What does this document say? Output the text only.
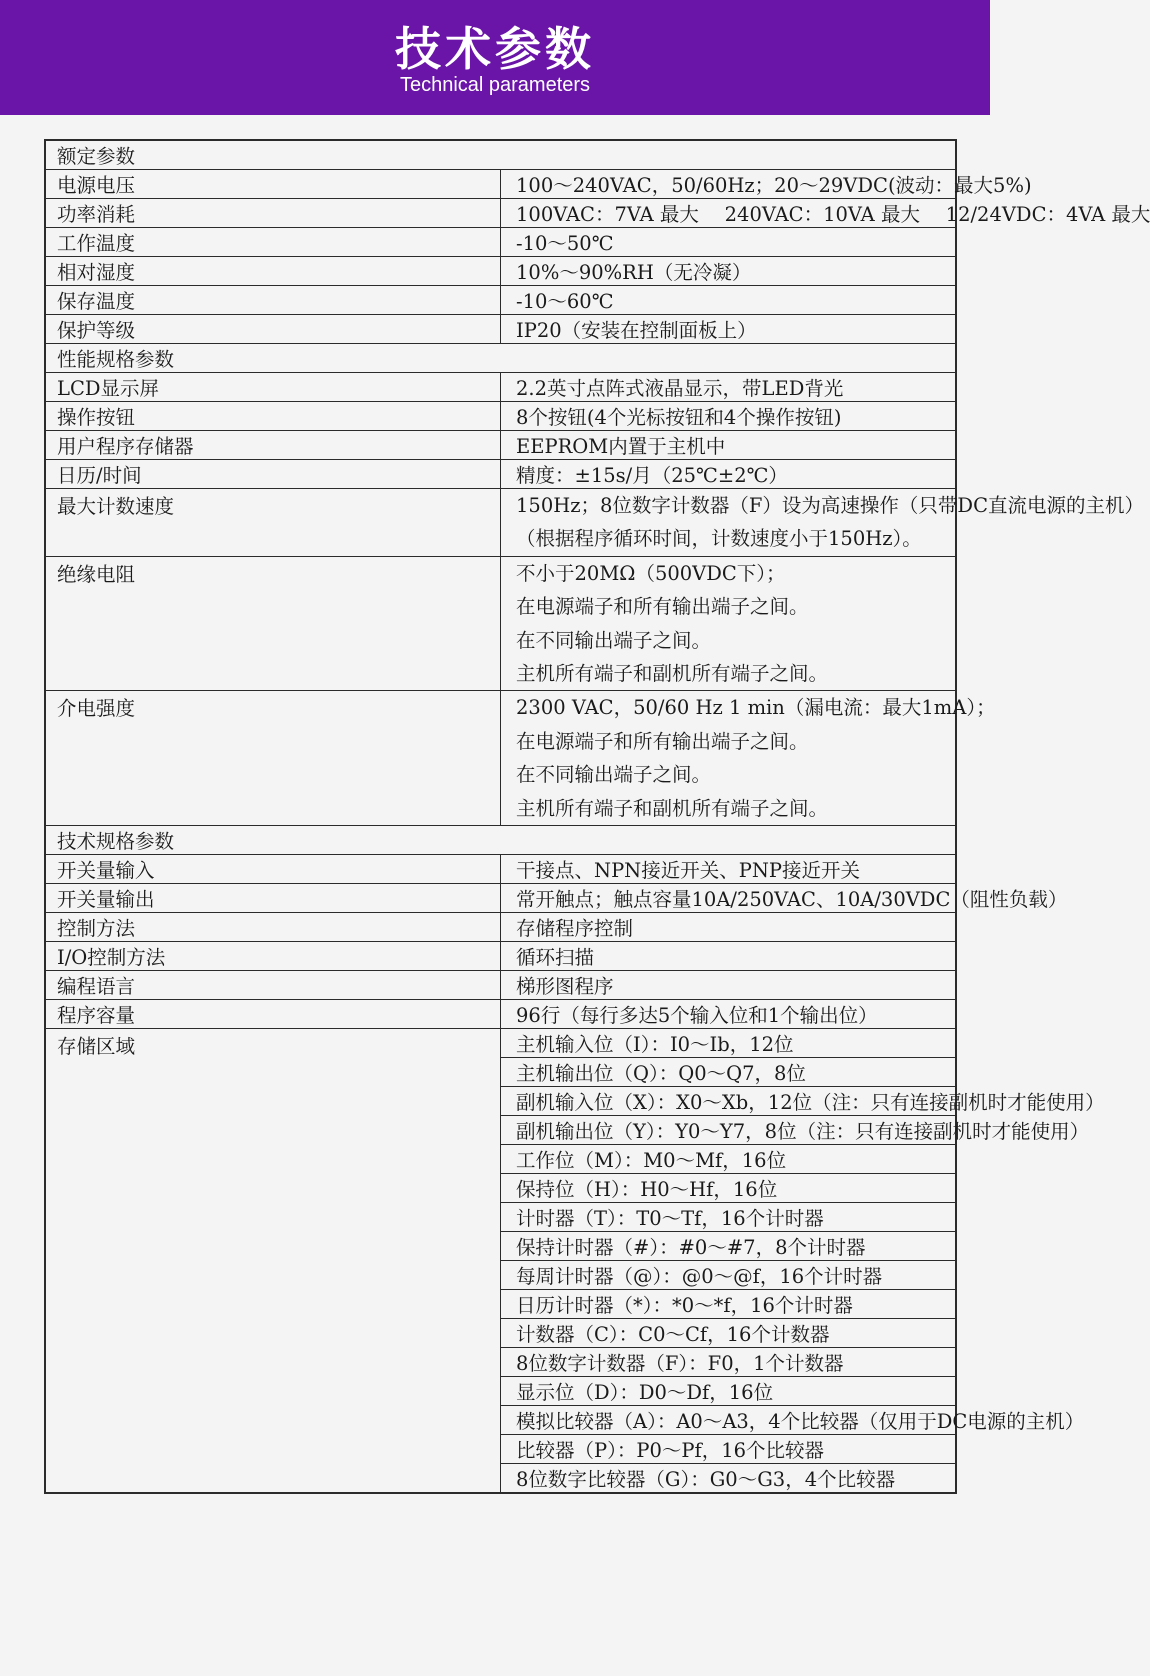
技术参数
Technical parameters
额定参数	
电源电压	100～240VAC，50/60Hz；20～29VDC(波动：最大5%)
功率消耗	100VAC：7VA 最大　 240VAC：10VA 最大　 12/24VDC：4VA 最大
工作温度	-10～50℃
相对湿度	10%～90%RH（无冷凝）
保存温度	-10～60℃
保护等级	IP20（安装在控制面板上）
性能规格参数	
LCD显示屏	2.2英寸点阵式液晶显示，带LED背光
操作按钮	8个按钮(4个光标按钮和4个操作按钮)
用户程序存储器	EEPROM内置于主机中
日历/时间	精度：±15s/月（25℃±2℃）
最大计数速度	150Hz；8位数字计数器（F）设为高速操作（只带DC直流电源的主机）
（根据程序循环时间，计数速度小于150Hz）。

绝缘电阻	不小于20MΩ（500VDC下）；
在电源端子和所有输出端子之间。
在不同输出端子之间。
主机所有端子和副机所有端子之间。

介电强度	2300 VAC，50/60 Hz 1 min（漏电流：最大1mA）；
在电源端子和所有输出端子之间。
在不同输出端子之间。
主机所有端子和副机所有端子之间。

技术规格参数	
开关量输入	干接点、NPN接近开关、PNP接近开关
开关量输出	常开触点；触点容量10A/250VAC、10A/30VDC（阻性负载）
控制方法	存储程序控制
I/O控制方法	循环扫描
编程语言	梯形图程序
程序容量	96行（每行多达5个输入位和1个输出位）
存储区域	主机输入位（I）：I0～Ib，12位
	主机输出位（Q）：Q0～Q7，8位
	副机输入位（X）：X0～Xb，12位（注：只有连接副机时才能使用）
	副机输出位（Y）：Y0～Y7，8位（注：只有连接副机时才能使用）
	工作位（M）：M0～Mf，16位
	保持位（H）：H0～Hf，16位
	计时器（T）：T0～Tf，16个计时器
	保持计时器（#）：#0～#7，8个计时器
	每周计时器（@）：@0～@f，16个计时器
	日历计时器（*）：*0～*f，16个计时器
	计数器（C）：C0～Cf，16个计数器
	8位数字计数器（F）：F0，1个计数器
	显示位（D）：D0～Df，16位
	模拟比较器（A）：A0～A3，4个比较器（仅用于DC电源的主机）
	比较器（P）：P0～Pf，16个比较器
	8位数字比较器（G）：G0～G3，4个比较器
